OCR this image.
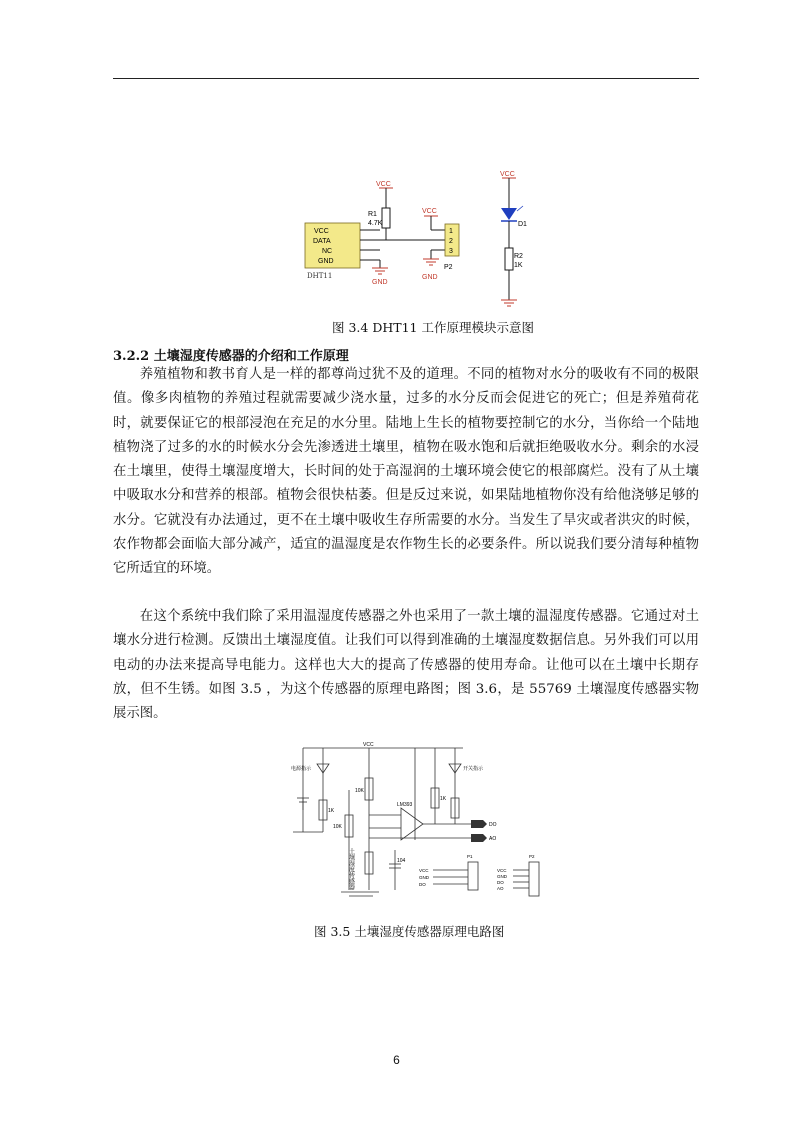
VCC
DATA
NC
GND
DHT11
VCC
R1
4.7K
GND
VCC
GND
1
2
3
P2
VCC
D1
R2
1K
图 3.4 DHT11 工作原理模块示意图
3.2.2 土壤湿度传感器的介绍和工作原理

养殖植物和教书育人是一样的都尊尚过犹不及的道理。不同的植物对水分的吸收有不同的极限值。像多肉植物的养殖过程就需要减少浇水量，过多的水分反而会促进它的死亡；但是养殖荷花时，就要保证它的根部浸泡在充足的水分里。陆地上生长的植物要控制它的水分，当你给一个陆地植物浇了过多的水的时候水分会先渗透进土壤里，植物在吸水饱和后就拒绝吸收水分。剩余的水浸在土壤里，使得土壤湿度增大，长时间的处于高湿润的土壤环境会使它的根部腐烂。没有了从土壤中吸取水分和营养的根部。植物会很快枯萎。但是反过来说，如果陆地植物你没有给他浇够足够的水分。它就没有办法通过，更不在土壤中吸收生存所需要的水分。当发生了旱灾或者洪灾的时候，农作物都会面临大部分减产，适宜的温湿度是农作物生长的必要条件。所以说我们要分清每种植物它所适宜的环境。

在这个系统中我们除了采用温湿度传感器之外也采用了一款土壤的温湿度传感器。它通过对土壤水分进行检测。反馈出土壤湿度值。让我们可以得到准确的土壤湿度数据信息。另外我们可以用电动的办法来提高导电能力。这样也大大的提高了传感器的使用寿命。让他可以在土壤中长期存放，但不生锈。如图 3.5 ，为这个传感器的原理电路图；图 3.6，是 55769 土壤湿度传感器实物展示图。

VCC
电源指示	开关指示
LM393
10K
1K
1K
10K	DO
AO
104
土壤湿度传感器	VCC
GND
DO
P1
VCC
GND
DO
AO
P2
图 3.5 土壤湿度传感器原理电路图
6
